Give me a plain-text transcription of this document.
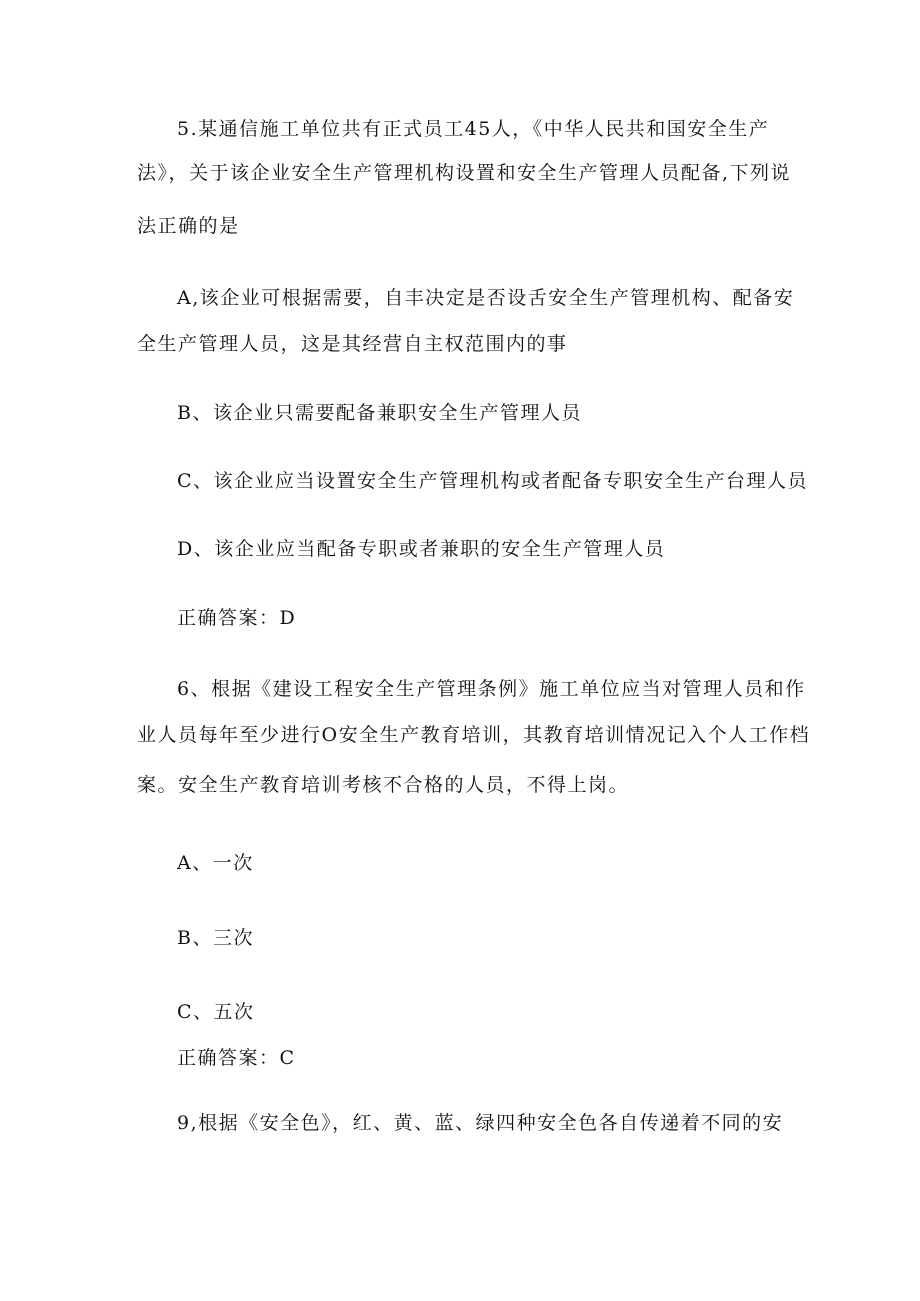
5.某通信施工单位共有正式员工45人，《中华人民共和国安全生产
法》，关于该企业安全生产管理机构设置和安全生产管理人员配备,下列说
法正确的是
A,该企业可根据需要，自丰决定是否设舌安全生产管理机构、配备安
全生产管理人员，这是其经营自主权范围内的事
B、该企业只需要配备兼职安全生产管理人员
C、该企业应当设置安全生产管理机构或者配备专职安全生产台理人员
D、该企业应当配备专职或者兼职的安全生产管理人员
正确答案：D
6、根据《建设工程安全生产管理条例》施工单位应当对管理人员和作
业人员每年至少进行O安全生产教育培训，其教育培训情况记入个人工作档
案。安全生产教育培训考核不合格的人员，不得上岗。
A、一次
B、三次
C、五次
正确答案：C
9,根据《安全色》，红、黄、蓝、绿四种安全色各自传递着不同的安
